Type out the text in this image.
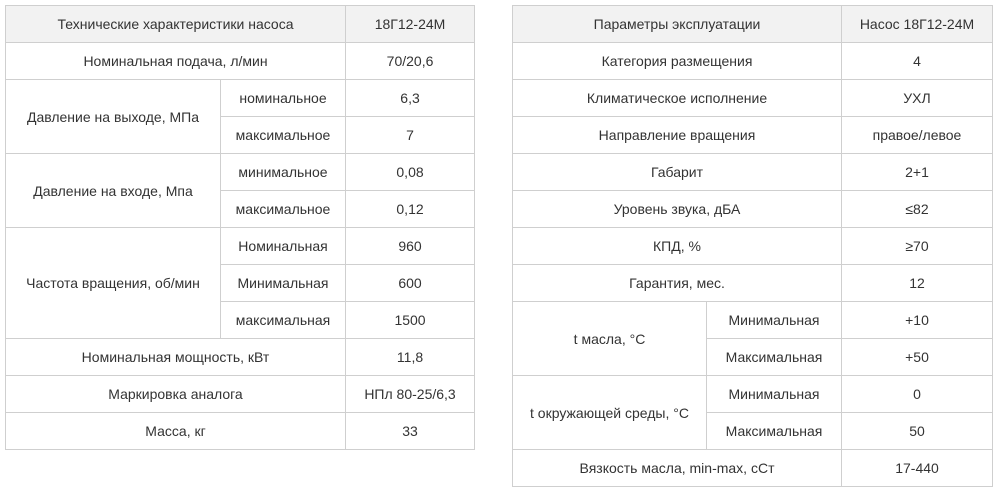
Технические характеристики насоса		18Г12-24М
Номинальная подача, л/мин		70/20,6
Давление на выходе, МПа	номинальное	6,3
	максимальное	7
Давление на входе, Мпа	минимальное	0,08
	максимальное	0,12
Частота вращения, об/мин	Номинальная	960
	Минимальная	600
	максимальная	1500
Номинальная мощность, кВт		11,8
Маркировка аналога		НПл 80-25/6,3
Масса, кг		33
Параметры эксплуатации		Насос 18Г12-24М
Категория размещения		4
Климатическое исполнение		УХЛ
Направление вращения		правое/левое
Габарит		2+1
Уровень звука, дБА		≤82
КПД, %		≥70
Гарантия, мес.		12
t масла, °С	Минимальная	+10
	Максимальная	+50
t окружающей среды, °С	Минимальная	0
	Максимальная	50
Вязкость масла, min-max, сСт		17-440
